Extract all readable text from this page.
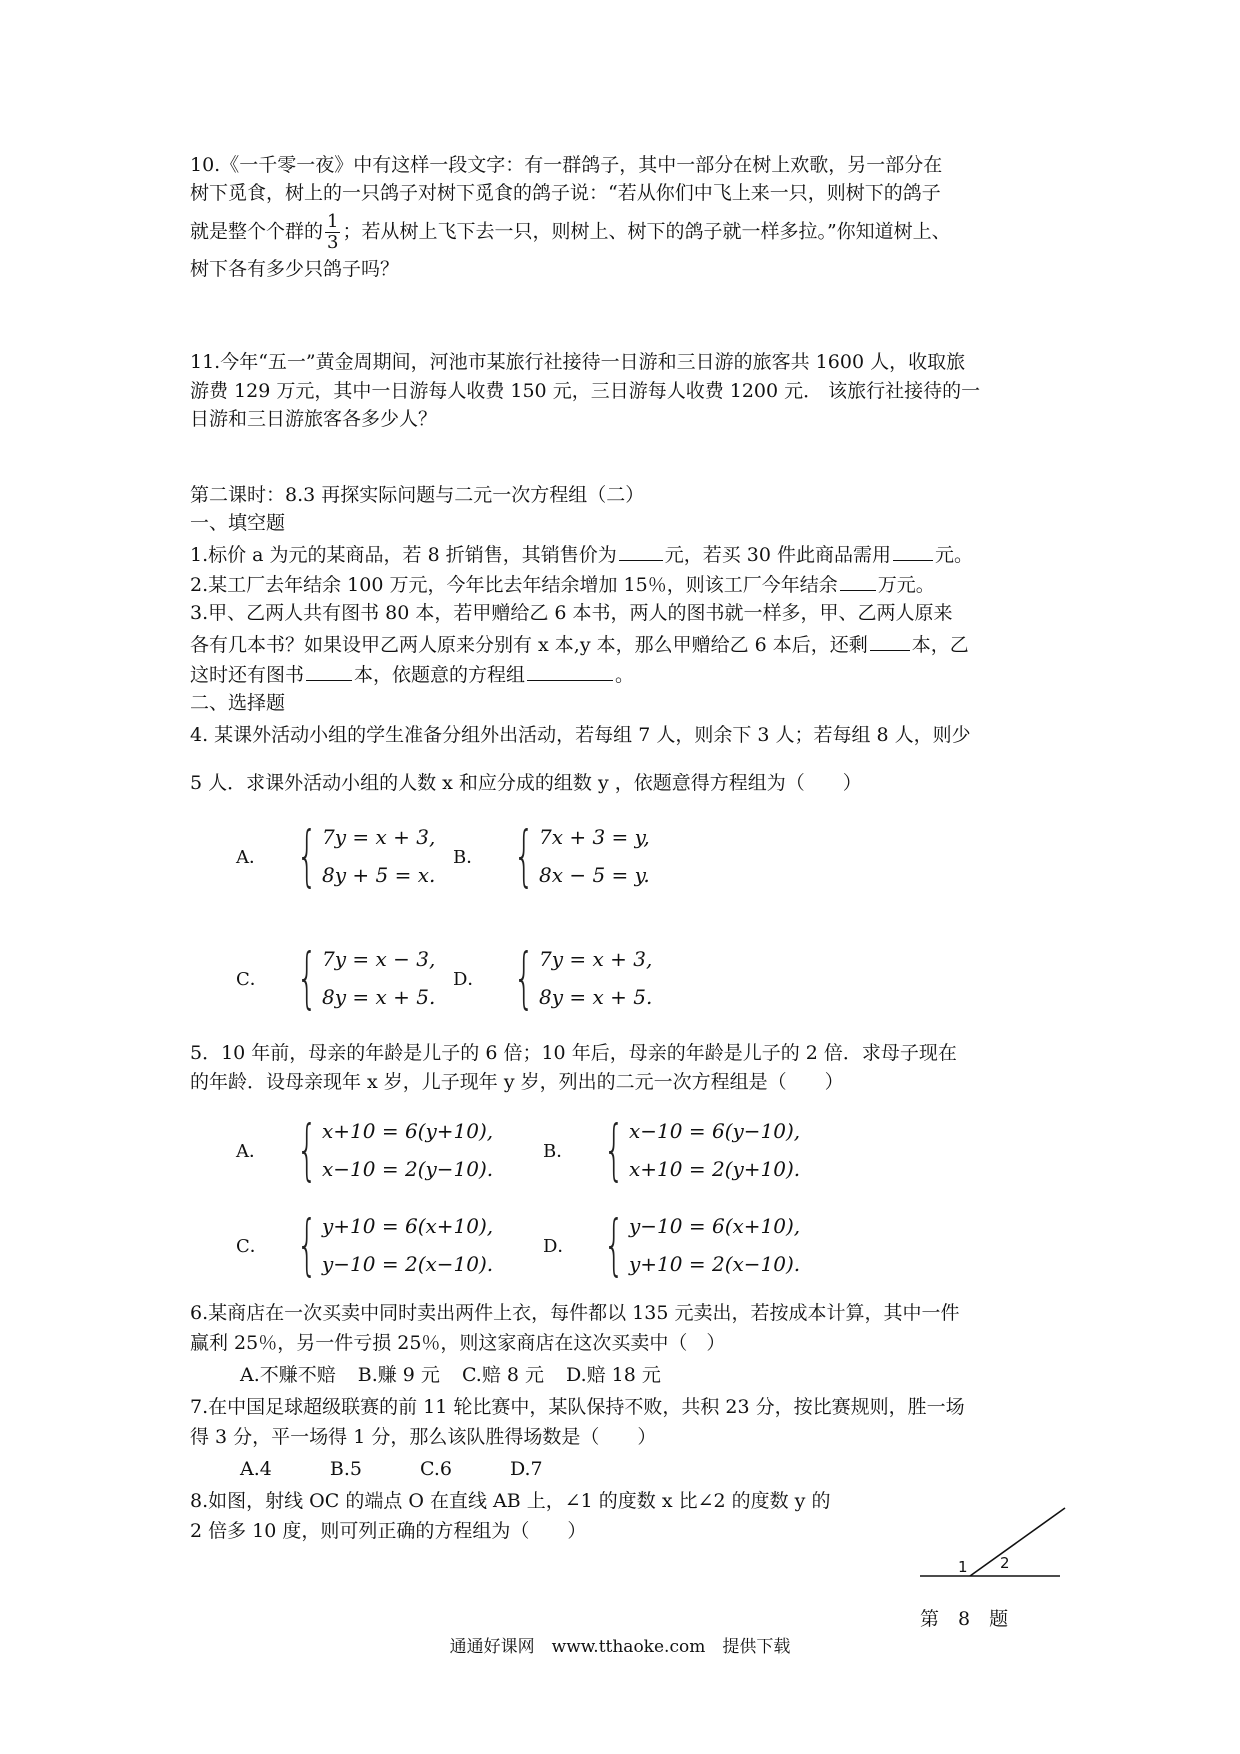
10.《一千零一夜》中有这样一段文字：有一群鸽子，其中一部分在树上欢歌，另一部分在
树下觅食，树上的一只鸽子对树下觅食的鸽子说：“若从你们中飞上来一只，则树下的鸽子
就是整个个群的 $\frac{1}{3}$ ；若从树上飞下去一只，则树上、树下的鸽子就一样多拉。”你知道树上、
树下各有多少只鸽子吗？
11.今年“五一”黄金周期间，河池市某旅行社接待一日游和三日游的旅客共 1600 人，收取旅
游费 129 万元，其中一日游每人收费 150 元，三日游每人收费 1200 元． 该旅行社接待的一
日游和三日游旅客各多少人？
第二课时：8.3 再探实际问题与二元一次方程组（二）
一、填空题
1.标价 a 为元的某商品，若 8 折销售，其销售价为	元，若买 30 件此商品需用 元。
2.某工厂去年结余 100 万元，今年比去年结余增加 15％，则该工厂今年结余 万元。
3.甲、乙两人共有图书 80 本，若甲赠给乙 6 本书，两人的图书就一样多，甲、乙两人原来
各有几本书？如果设甲乙两人原来分别有 x 本,y 本，那么甲赠给乙 6 本后，还剩 本，乙
这时还有图书	本，依题意的方程组	。
二、选择题
4. 某课外活动小组的学生准备分组外出活动，若每组 7 人，则余下 3 人；若每组 8 人，则少
5 人．求课外活动小组的人数 x 和应分成的组数 y ，依题意得方程组为（　　）
A． { 7y = x + 3,
8y + 5 = x.
B． { 7x + 3 = y,
8x − 5 = y.
C． { 7y = x − 3,
8y = x + 5.
D． { 7y = x + 3,
8y = x + 5.
5．10 年前，母亲的年龄是儿子的 6 倍；10 年后，母亲的年龄是儿子的 2 倍．求母子现在
的年龄．设母亲现年 x 岁，儿子现年 y 岁，列出的二元一次方程组是（　　）
A． { x+10 = 6(y+10),
x−10 = 2(y−10).
B． { x−10 = 6(y−10),
x+10 = 2(y+10).
C． { y+10 = 6(x+10),
y−10 = 2(x−10).
D． { y−10 = 6(x+10),
y+10 = 2(x−10).
6.某商店在一次买卖中同时卖出两件上衣，每件都以 135 元卖出，若按成本计算，其中一件
赢利 25％，另一件亏损 25％，则这家商店在这次买卖中（　）
A.不赚不赔 B.赚 9 元 C.赔 8 元 D.赔 18 元
7.在中国足球超级联赛的前 11 轮比赛中，某队保持不败，共积 23 分，按比赛规则，胜一场
得 3 分，平一场得 1 分，那么该队胜得场数是（　　）
A.4	B.5	C.6	D.7
8.如图，射线 OC 的端点 O 在直线 AB 上，∠1 的度数 x 比∠2 的度数 y 的
2 倍多 10 度，则可列正确的方程组为（　　）
1 2
第　8　题
通通好课网　www.tthaoke.com　提供下载
